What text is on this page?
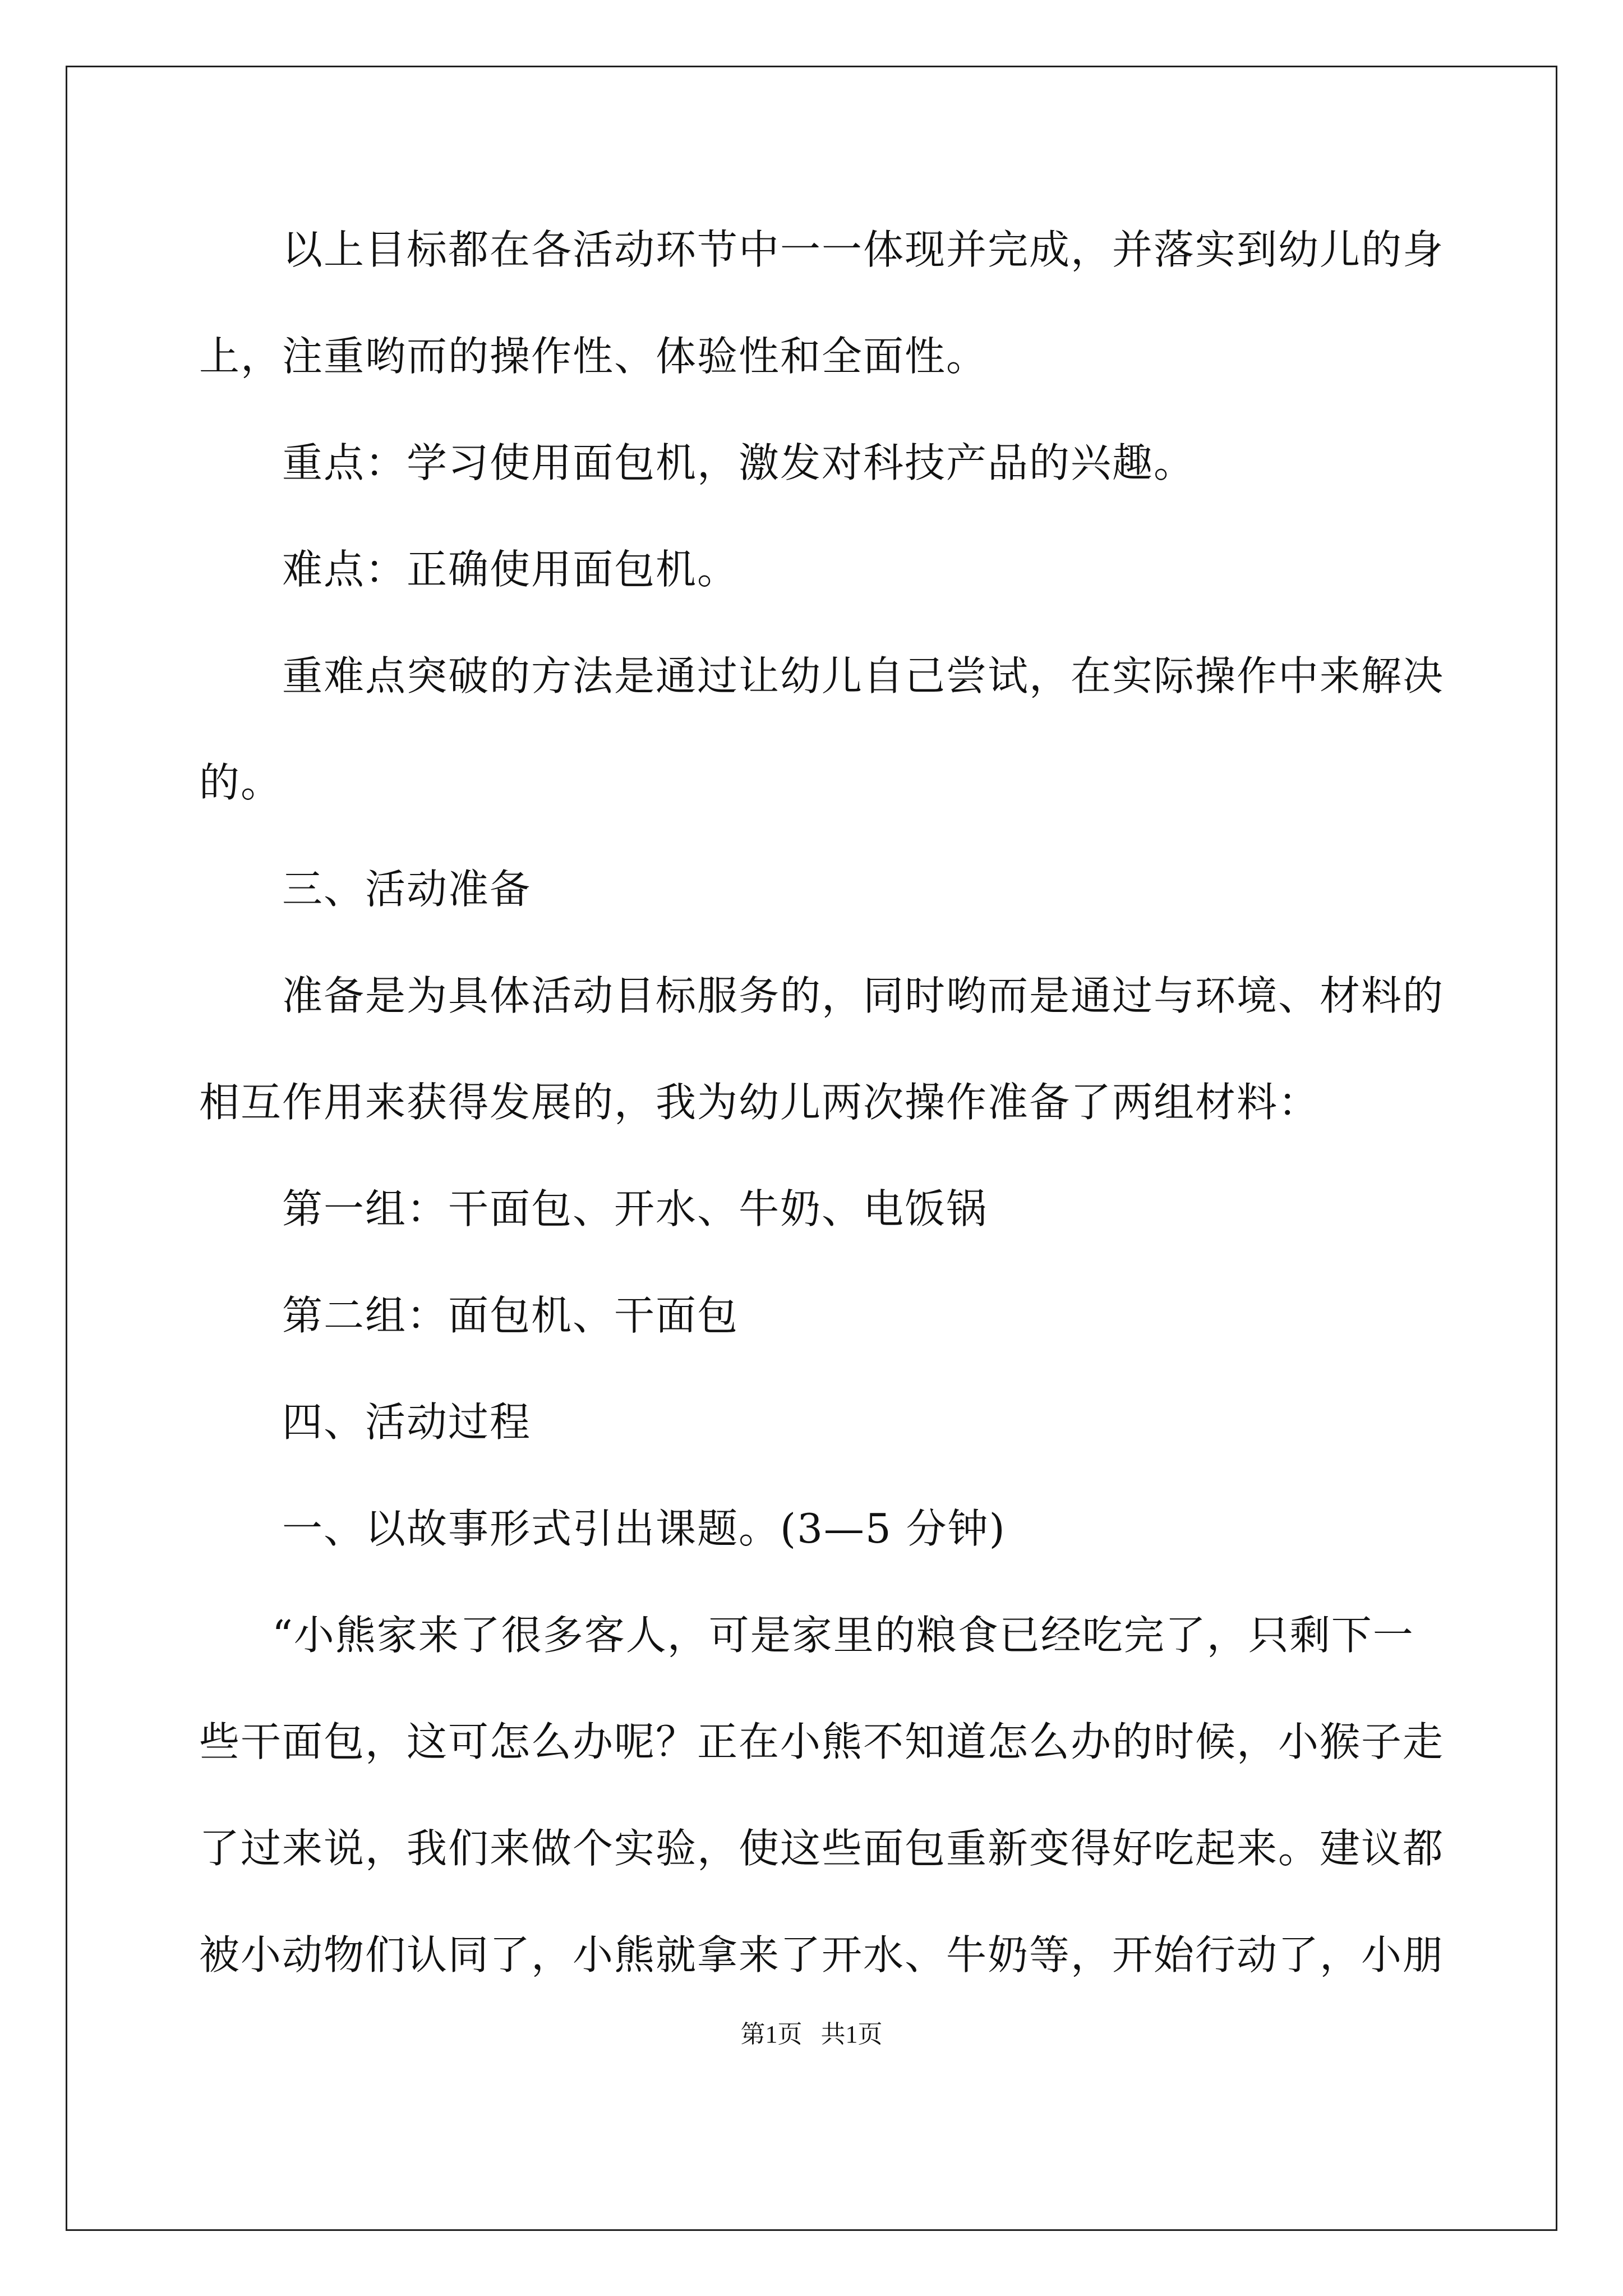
以上目标都在各活动环节中一一体现并完成，并落实到幼儿的身
上，注重哟而的操作性、体验性和全面性。
重点：学习使用面包机，激发对科技产品的兴趣。
难点：正确使用面包机。
重难点突破的方法是通过让幼儿自己尝试，在实际操作中来解决
的。
三、活动准备
准备是为具体活动目标服务的，同时哟而是通过与环境、材料的
相互作用来获得发展的，我为幼儿两次操作准备了两组材料：
第一组：干面包、开水、牛奶、电饭锅
第二组：面包机、干面包
四、活动过程
一、以故事形式引出课题。(3—5 分钟)
“小熊家来了很多客人，可是家里的粮食已经吃完了，只剩下一
些干面包，这可怎么办呢？正在小熊不知道怎么办的时候，小猴子走
了过来说，我们来做个实验，使这些面包重新变得好吃起来。建议都
被小动物们认同了，小熊就拿来了开水、牛奶等，开始行动了，小朋
第1页   共1页
